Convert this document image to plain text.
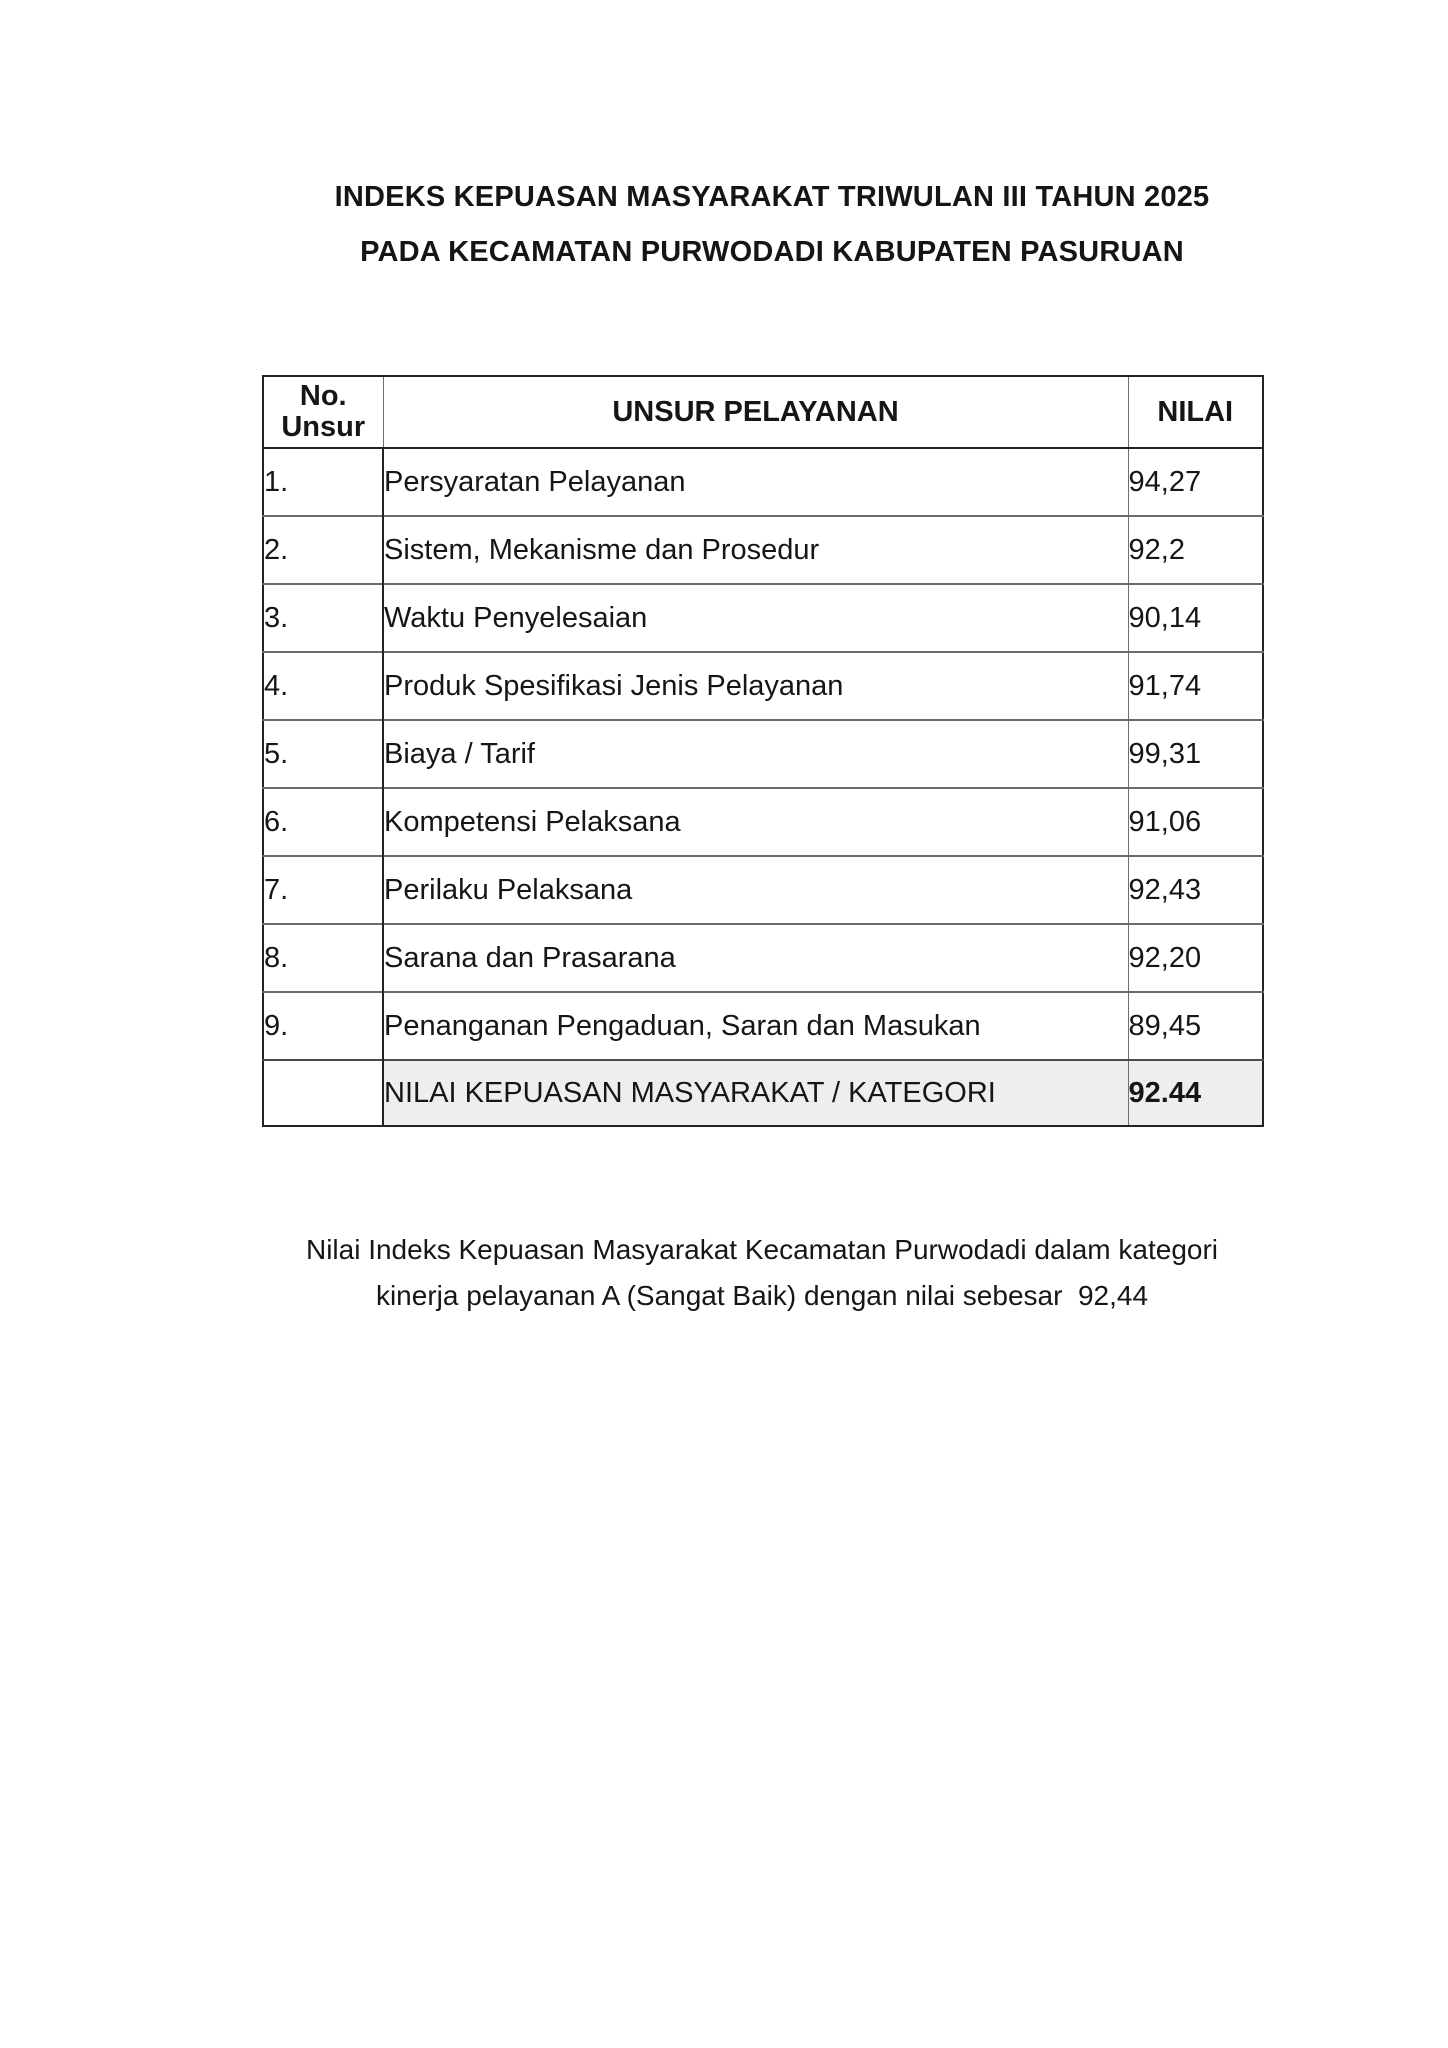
INDEKS KEPUASAN MASYARAKAT TRIWULAN III TAHUN 2025
PADA KECAMATAN PURWODADI KABUPATEN PASURUAN
No.
Unsur	UNSUR PELAYANAN	NILAI
1.	Persyaratan Pelayanan	94,27
2.	Sistem, Mekanisme dan Prosedur	92,2
3.	Waktu Penyelesaian	90,14
4.	Produk Spesifikasi Jenis Pelayanan	91,74
5.	Biaya / Tarif	99,31
6.	Kompetensi Pelaksana	91,06
7.	Perilaku Pelaksana	92,43
8.	Sarana dan Prasarana	92,20
9.	Penanganan Pengaduan, Saran dan Masukan	89,45
	NILAI KEPUASAN MASYARAKAT / KATEGORI	92.44
Nilai Indeks Kepuasan Masyarakat Kecamatan Purwodadi dalam kategori
kinerja pelayanan A (Sangat Baik) dengan nilai sebesar  92,44
